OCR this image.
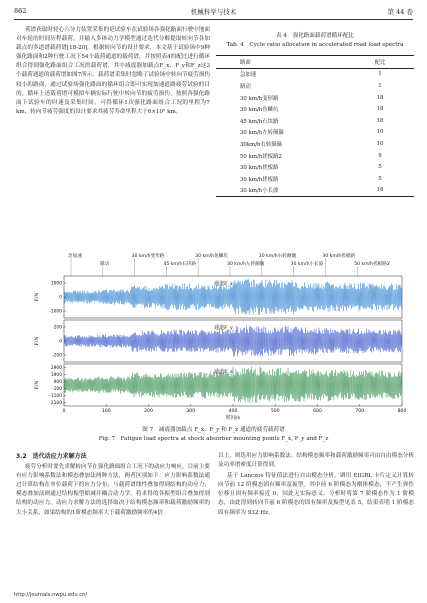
862	机械科学与技术	第 44 卷

荷谱获取时轮心六分力装置采集的是试验车在试验场各强化路面行驶中地面对车轮的时间历程载荷，并输入多体动力学模型通过迭代分解提取转向节各加载点的多道谱载荷谱[18-20]。根据转向节的设计要求，本文基于试验场中9种强化路面和2种行驶工况下54个载荷通道的载荷谱，并按照表4的配比进行循环组合得到强化路面组合工况的载荷谱，其中减震器加载点F_x、F_y和F_z这3个载荷通道的载荷谱如图7所示。载荷谱采集时忽略了试验场中转向节疲劳损伤较小的路面，通过试验场强化路面的循环组合即可实现加速道路疲劳试验的目的。循环上述载荷谱可模拟车辆实际行驶中转向节的疲劳损伤，按照各强化路面下试验车的时速及采集时间，可得循环1次强化路面组合工况的里程为7 km，转向节疲劳强度的设计要求其疲劳寿命里程大于6×10⁵ km。

表 4　强化路面载荷谱循环配比
Tab. 4　Cycle ratio allocation in accelerated road load spectra
路面	配比
急加速	1
制动	1
30 km/h变形路	18
30 km/h鱼鳞坑	18
45 km/h石块路	18
30 km/h左转颠簸	10
30km/h右转颠簸	10
50 km/h搓板路2	9
30 km/h搓板路	5
30 km/h搓板路	5
30 km/h小长波	18
急加速
制动
30 km/h变形路
45 km/h石块路
30 km/h鱼鳞坑
30 km/h左转颠簸
30 km/h右转颠簸
30 km/h小长波
30 km/h搓板路
50 km/h搓板路2
通道F_x
F/N
1000
0
-1000
通道F_y
F/N
200
0
-200
通道F_z
F/N
2900
1900
900
-100
-1100
-2100
0	100	200	300	400	500	600	700	800
时间/s
图 7　减震器加载点 F_x、F_y 和 F_z 通道的疲劳载荷谱
Fig. 7　Fatigue load spectra at shock absorber mounting points F_x, F_y and F_z

3.2　迭代动应力求解方法

疲劳分析时要先求解转向节在强化路面组合工况下的动应力响应，目前主要有应力影响系数法和模态叠加法两种方法，两者区别如下：应力影响系数法通过计算结构在单位载荷下的应力分布，与载荷谱线性叠加得到结构的动应力；模态叠加法则通过结构振型缩减并耦合动力学，将求得的各振型组合叠加得到结构的动应力。动应力求解方法的选择取决于结构模态频率和载荷激励频率的大小关系，如果结构的1阶模态频率大于载荷激励频率的4倍

以上，则选用应力影响系数法。结构模态频率和载荷激励频率可由自由模态分析及功率谱密度计算得到。

基于 Lanczos 特征值法进行自由模态分析，调用 EIGRL 卡片定义计算转向节前 12 阶模态固有频率及振型。其中前 6 阶模态为刚体模态，不产生弹性位移且固有频率接近 0，因此无实际意义。分析时将第 7 阶模态作为 1 阶模态，由此得到转向节前 6 阶模态的固有频率及振型见表 5，结果表明 1 阶模态固有频率为 932 Hz。

http://journals.nwpu.edu.cn/
